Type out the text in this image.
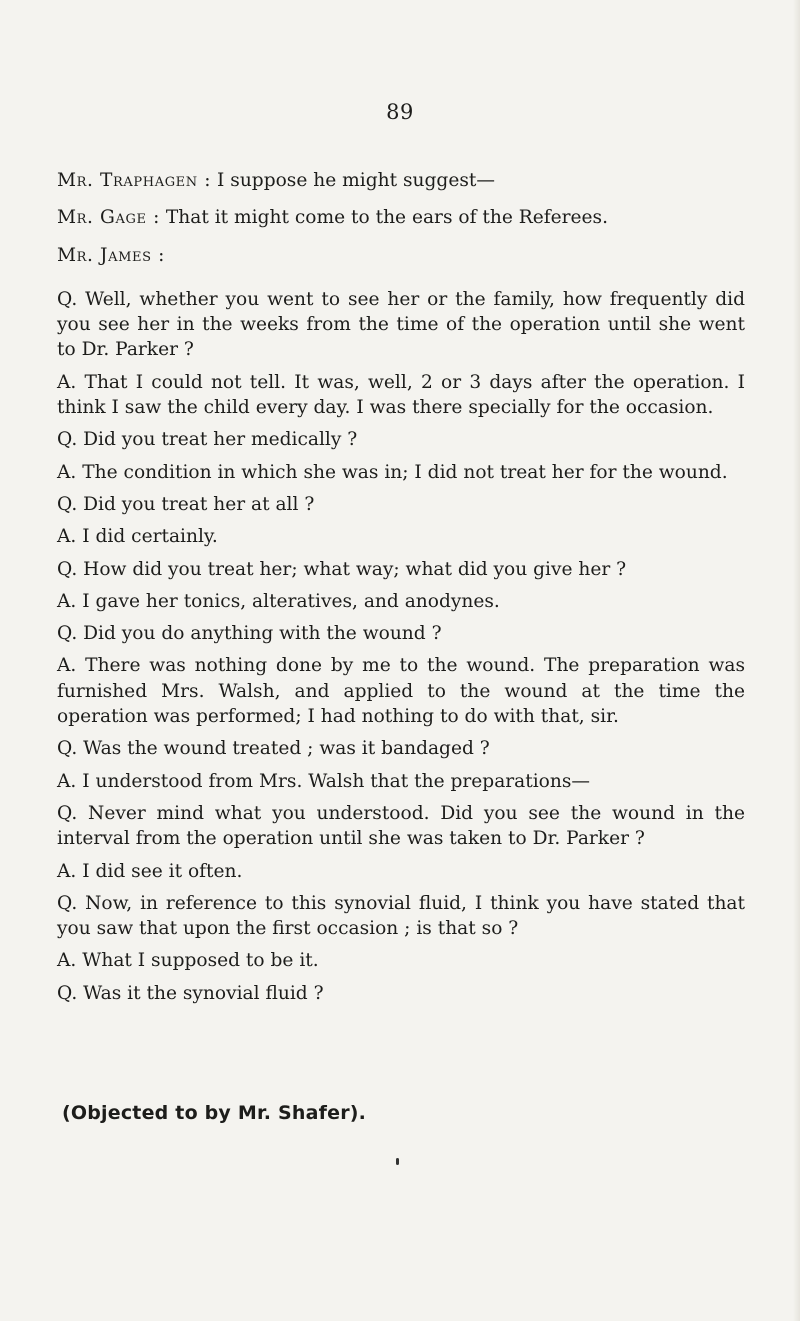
89

Mr. Traphagen : I suppose he might suggest—

Mr. Gage : That it might come to the ears of the Referees.

Mr. James :

Q. Well, whether you went to see her or the family, how frequently did you see her in the weeks from the time of the operation until she went to Dr. Parker ?

A. That I could not tell. It was, well, 2 or 3 days after the operation. I think I saw the child every day. I was there specially for the occasion.

Q. Did you treat her medically ?

A. The condition in which she was in; I did not treat her for the wound.

Q. Did you treat her at all ?

A. I did certainly.

Q. How did you treat her; what way; what did you give her ?

A. I gave her tonics, alteratives, and anodynes.

Q. Did you do anything with the wound ?

A. There was nothing done by me to the wound. The preparation was furnished Mrs. Walsh, and applied to the wound at the time the operation was performed; I had nothing to do with that, sir.

Q. Was the wound treated ; was it bandaged ?

A. I understood from Mrs. Walsh that the preparations—

Q. Never mind what you understood. Did you see the wound in the interval from the operation until she was taken to Dr. Parker ?

A. I did see it often.

Q. Now, in reference to this synovial fluid, I think you have stated that you saw that upon the first occasion ; is that so ?

A. What I supposed to be it.

Q. Was it the synovial fluid ?

(Objected to by Mr. Shafer).
